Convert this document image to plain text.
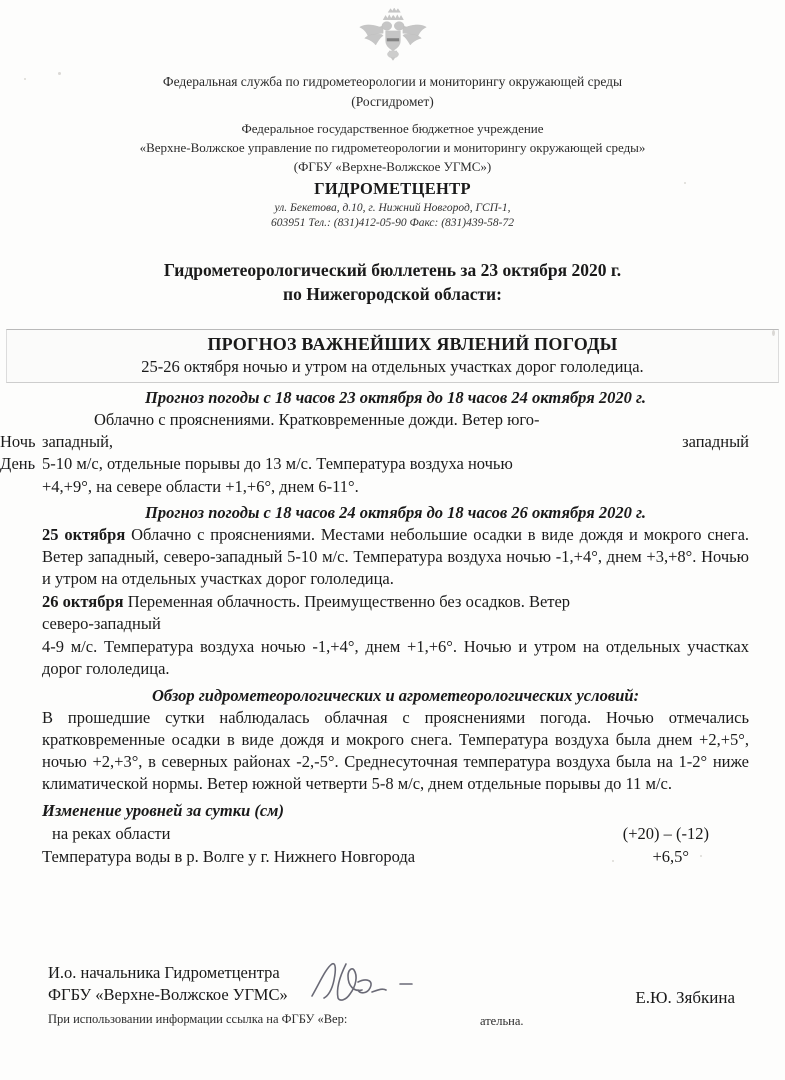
Федеральная служба по гидрометеорологии и мониторингу окружающей среды
(Росгидромет)
Федеральное государственное бюджетное учреждение
«Верхне-Волжское управление по гидрометеорологии и мониторингу окружающей среды»
(ФГБУ «Верхне-Волжское УГМС»)
ГИДРОМЕТЦЕНТР
ул. Бекетова, д.10, г. Нижний Новгород, ГСП-1,
603951 Тел.: (831)412-05-90 Факс: (831)439-58-72
Гидрометеорологический бюллетень за 23 октября 2020 г.
по Нижегородской области:
ПРОГНОЗ ВАЖНЕЙШИХ ЯВЛЕНИЙ ПОГОДЫ
25-26 октября ночью и утром на отдельных участках дорог гололедица.
Прогноз погоды с 18 часов 23 октября до 18 часов 24 октября 2020 г.
Облачно с прояснениями. Кратковременные дожди. Ветер юго-
Ночь западный,	западный
День 5-10 м/с, отдельные порывы до 13 м/с. Температура воздуха ночью
+4,+9°, на севере области +1,+6°, днем 6-11°.
Прогноз погоды с 18 часов 24 октября до 18 часов 26 октября 2020 г.
25 октября Облачно с прояснениями. Местами небольшие осадки в виде дождя и мокрого снега. Ветер западный, северо-западный 5-10 м/с. Температура воздуха ночью -1,+4°, днем +3,+8°. Ночью и утром на отдельных участках дорог гололедица.
26 октября Переменная облачность. Преимущественно без осадков. Ветер
северо-западный
4-9 м/с. Температура воздуха ночью -1,+4°, днем +1,+6°. Ночью и утром на отдельных участках дорог гололедица.
Обзор гидрометеорологических и агрометеорологических условий:
В прошедшие сутки наблюдалась облачная с прояснениями погода. Ночью отмечались кратковременные осадки в виде дождя и мокрого снега. Температура воздуха была днем +2,+5°, ночью +2,+3°, в северных районах -2,-5°. Среднесуточная температура воздуха была на 1-2° ниже климатической нормы. Ветер южной четверти 5-8 м/с, днем отдельные порывы до 11 м/с.
Изменение уровней за сутки (см)
на реках области	(+20) – (-12)
Температура воды в р. Волге у г. Нижнего Новгорода	+6,5°
И.о. начальника Гидрометцентра
ФГБУ «Верхне-Волжское УГМС»	Е.Ю. Зябкина
При использовании информации ссылка на ФГБУ «Вер:	ательна.
